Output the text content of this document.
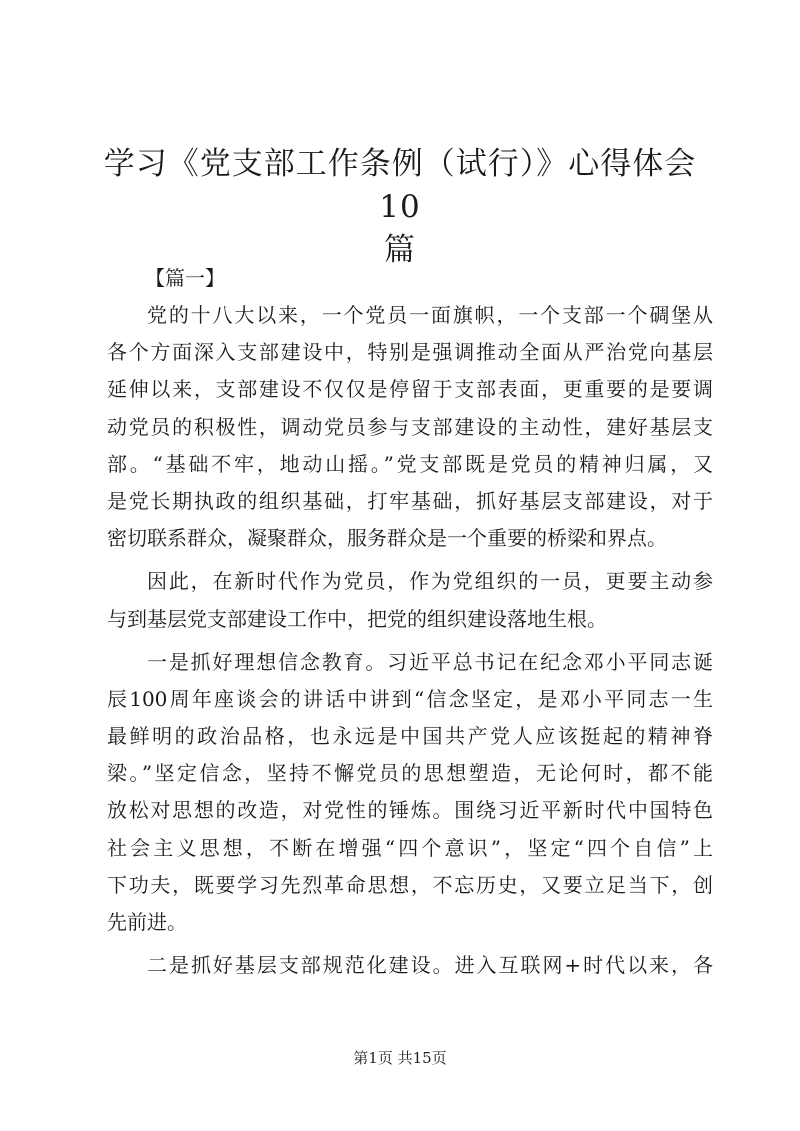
学习《党支部工作条例（试行）》心得体会10
篇

【篇一】

党的十八大以来，一个党员一面旗帜，一个支部一个碉堡从
各个方面深入支部建设中，特别是强调推动全面从严治党向基层
延伸以来，支部建设不仅仅是停留于支部表面，更重要的是要调
动党员的积极性，调动党员参与支部建设的主动性，建好基层支
部。“基础不牢，地动山摇。”党支部既是党员的精神归属，又
是党长期执政的组织基础，打牢基础，抓好基层支部建设，对于
密切联系群众，凝聚群众，服务群众是一个重要的桥梁和界点。
因此，在新时代作为党员，作为党组织的一员，更要主动参
与到基层党支部建设工作中，把党的组织建设落地生根。
一是抓好理想信念教育。习近平总书记在纪念邓小平同志诞
辰100周年座谈会的讲话中讲到“信念坚定，是邓小平同志一生
最鲜明的政治品格，也永远是中国共产党人应该挺起的精神脊
梁。”坚定信念，坚持不懈党员的思想塑造，无论何时，都不能
放松对思想的改造，对党性的锤炼。围绕习近平新时代中国特色
社会主义思想，不断在增强“四个意识”，坚定“四个自信”上
下功夫，既要学习先烈革命思想，不忘历史，又要立足当下，创
先前进。
二是抓好基层支部规范化建设。进入互联网+时代以来，各
第1页 共15页
